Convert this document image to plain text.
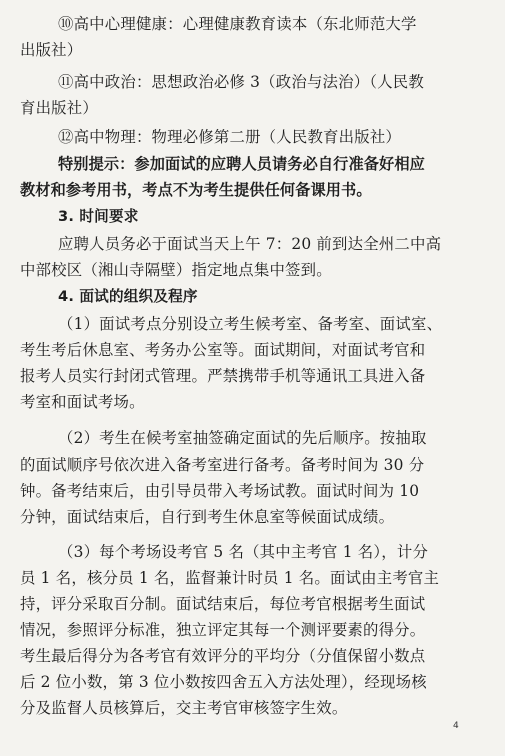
⑩高中心理健康：心理健康教育读本（东北师范大学
出版社）
⑪高中政治：思想政治必修 3（政治与法治）（人民教
育出版社）
⑫高中物理：物理必修第二册（人民教育出版社）
特别提示：参加面试的应聘人员请务必自行准备好相应
教材和参考用书，考点不为考生提供任何备课用书。
3. 时间要求
应聘人员务必于面试当天上午 7：20 前到达全州二中高
中部校区（湘山寺隔壁）指定地点集中签到。
4. 面试的组织及程序
（1）面试考点分别设立考生候考室、备考室、面试室、
考生考后休息室、考务办公室等。面试期间，对面试考官和
报考人员实行封闭式管理。严禁携带手机等通讯工具进入备
考室和面试考场。
（2）考生在候考室抽签确定面试的先后顺序。按抽取
的面试顺序号依次进入备考室进行备考。备考时间为 30 分
钟。备考结束后，由引导员带入考场试教。面试时间为 10
分钟，面试结束后，自行到考生休息室等候面试成绩。
（3）每个考场设考官 5 名（其中主考官 1 名），计分
员 1 名，核分员 1 名，监督兼计时员 1 名。面试由主考官主
持，评分采取百分制。面试结束后，每位考官根据考生面试
情况，参照评分标准，独立评定其每一个测评要素的得分。
考生最后得分为各考官有效评分的平均分（分值保留小数点
后 2 位小数，第 3 位小数按四舍五入方法处理），经现场核
分及监督人员核算后，交主考官审核签字生效。
4
